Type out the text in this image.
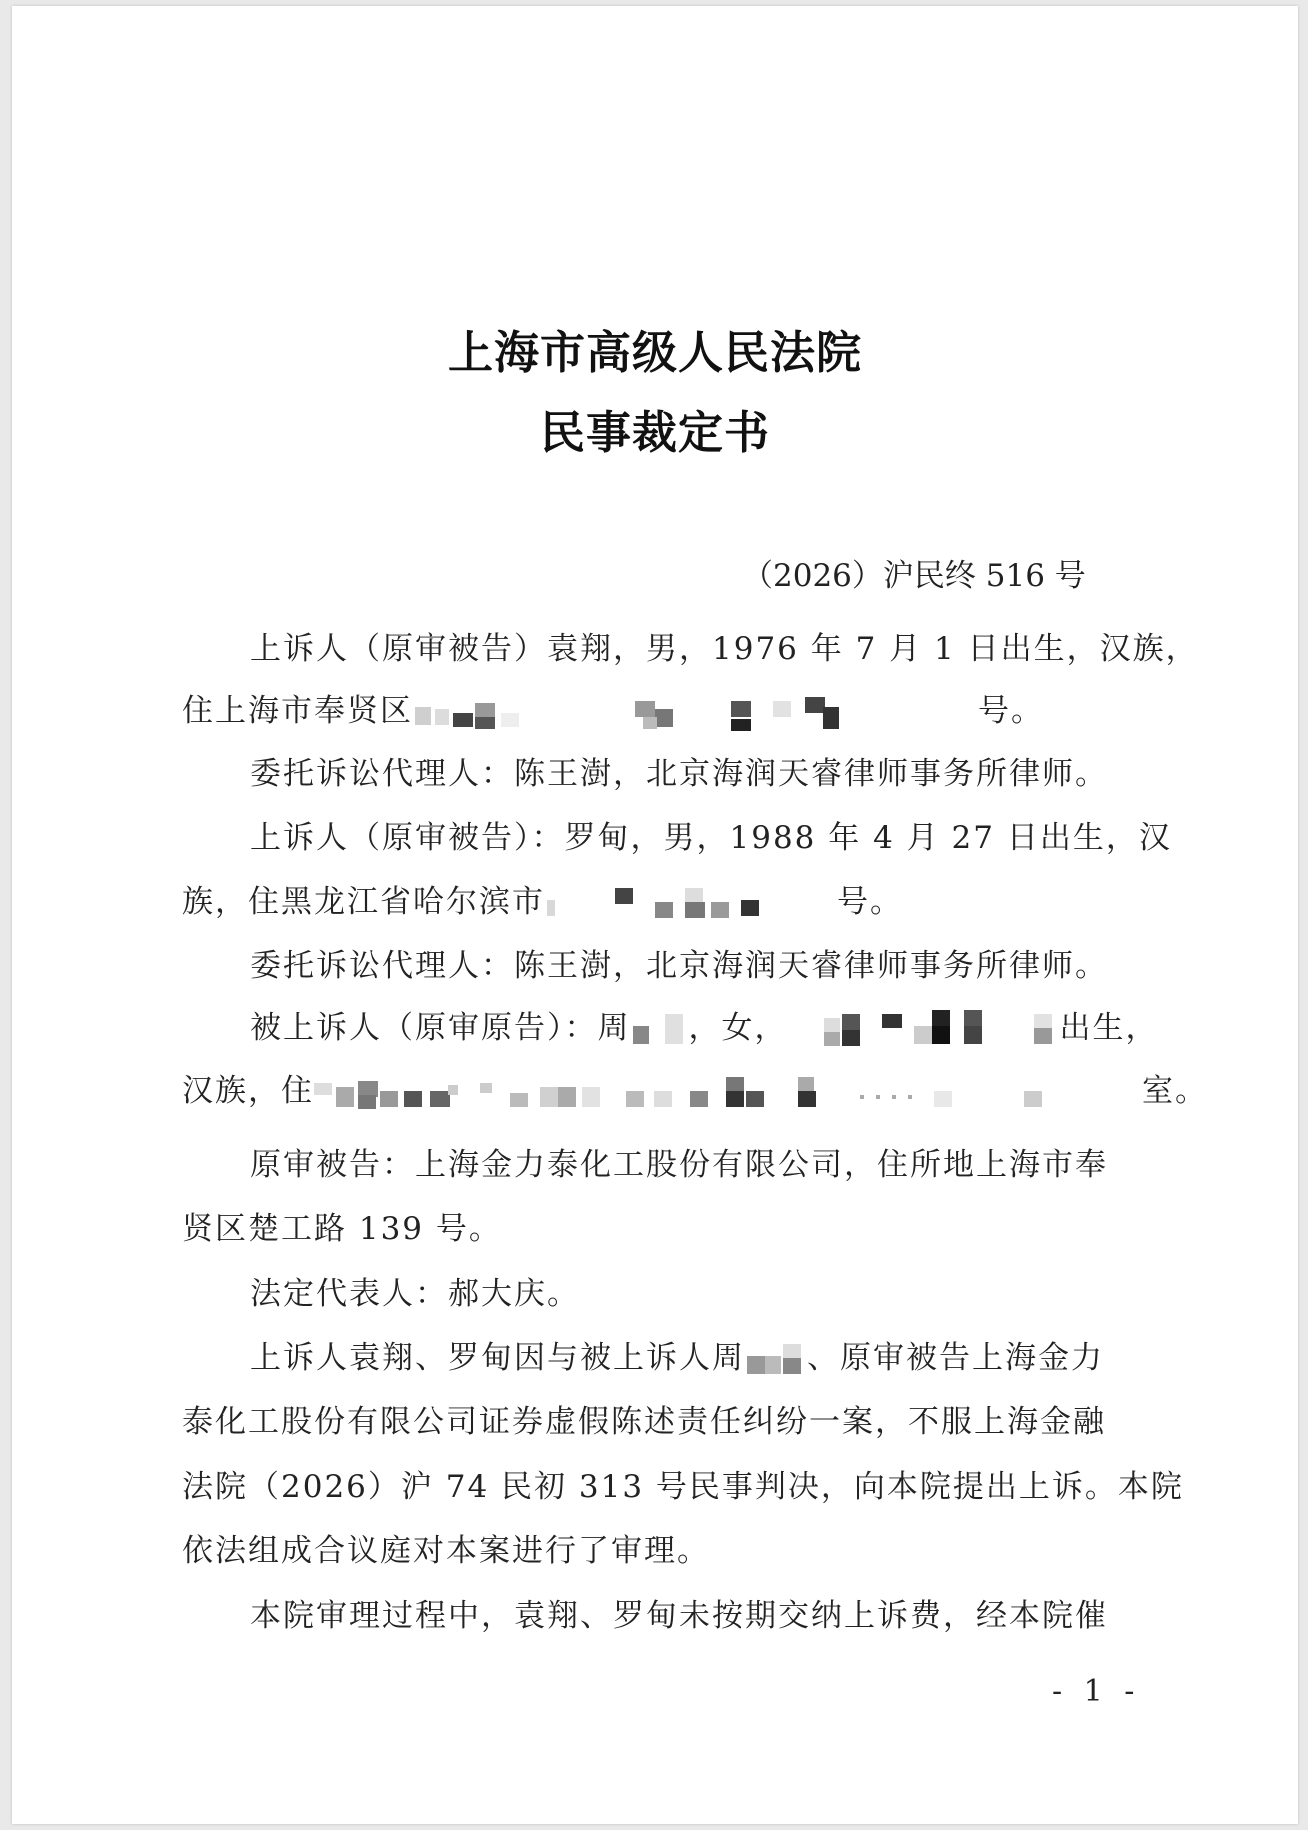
上海市高级人民法院
民事裁定书
（2026）沪民终 516 号
上诉人（原审被告）袁翔，男，1976 年 7 月 1 日出生，汉族，
住上海市奉贤区	号。
委托诉讼代理人：陈王澍，北京海润天睿律师事务所律师。
上诉人（原审被告）：罗甸，男，1988 年 4 月 27 日出生，汉
族，住黑龙江省哈尔滨市	号。
委托诉讼代理人：陈王澍，北京海润天睿律师事务所律师。
被上诉人（原审原告）：周 ，女，	出生，
汉族，住	室。
原审被告：上海金力泰化工股份有限公司，住所地上海市奉
贤区楚工路 139 号。
法定代表人：郝大庆。
上诉人袁翔、罗甸因与被上诉人周 、原审被告上海金力
泰化工股份有限公司证券虚假陈述责任纠纷一案，不服上海金融
法院（2026）沪 74 民初 313 号民事判决，向本院提出上诉。本院
依法组成合议庭对本案进行了审理。
本院审理过程中，袁翔、罗甸未按期交纳上诉费，经本院催
- 1 -
